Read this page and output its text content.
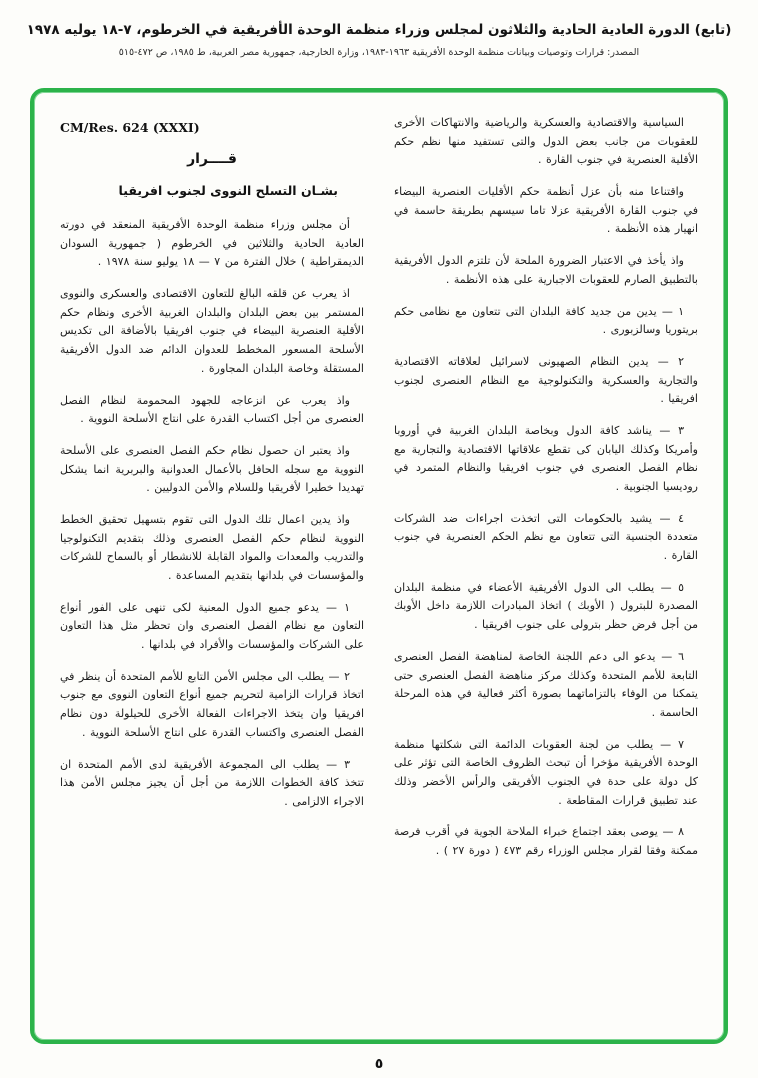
(تابع) الدورة العادية الحادية والثلاثون لمجلس وزراء منظمة الوحدة الأفريقية في الخرطوم، ٧-١٨ يوليه ١٩٧٨
المصدر: قرارات وتوصيات وبيانات منظمة الوحدة الأفريقية ١٩٦٣-١٩٨٣، وزارة الخارجية، جمهورية مصر العربية، ط ١٩٨٥، ص ٤٧٢-٥١٥

السياسية والاقتصادية والعسكرية والرياضية والانتهاكات الأخرى للعقوبات من جانب بعض الدول والتى تستفيد منها نظم حكم الأقلية العنصرية في جنوب القارة .

واقتناعا منه بأن عزل أنظمة حكم الأقليات العنصرية البيضاء في جنوب القارة الأفريقية عزلا تاما سيسهم بطريقة حاسمة في انهيار هذه الأنظمة .

واذ يأخذ في الاعتبار الضرورة الملحة لأن تلتزم الدول الأفريقية بالتطبيق الصارم للعقوبات الاجبارية على هذه الأنظمة .

١ — يدين من جديد كافة البلدان التى تتعاون مع نظامى حكم بريتوريا وسالزبورى .

٢ — يدين النظام الصهيونى لاسرائيل لعلاقاته الاقتصادية والتجارية والعسكرية والتكنولوجية مع النظام العنصرى لجنوب افريقيا .

٣ — يناشد كافة الدول وبخاصة البلدان الغربية في أوروبا وأمريكا وكذلك اليابان كى تقطع علاقاتها الاقتصادية والتجارية مع نظام الفصل العنصرى في جنوب افريقيا والنظام المتمرد في روديسيا الجنوبية .

٤ — يشيد بالحكومات التى اتخذت اجراءات ضد الشركات متعددة الجنسية التى تتعاون مع نظم الحكم العنصرية في جنوب القارة .

٥ — يطلب الى الدول الأفريقية الأعضاء في منظمة البلدان المصدرة للبترول ( الأوبك ) اتخاذ المبادرات اللازمة داخل الأوبك من أجل فرض حظر بترولى على جنوب افريقيا .

٦ — يدعو الى دعم اللجنة الخاصة لمناهضة الفصل العنصرى التابعة للأمم المتحدة وكذلك مركز مناهضة الفصل العنصرى حتى يتمكنا من الوفاء بالتزاماتهما بصورة أكثر فعالية في هذه المرحلة الحاسمة .

٧ — يطلب من لجنة العقوبات الدائمة التى شكلتها منظمة الوحدة الأفريقية مؤخرا أن تبحث الظروف الخاصة التى تؤثر على كل دولة على حدة في الجنوب الأفريقى والرأس الأخضر وذلك عند تطبيق قرارات المقاطعة .

٨ — يوصى بعقد اجتماع خبراء الملاحة الجوية في أقرب فرصة ممكنة وفقا لقرار مجلس الوزراء رقم ٤٧٣ ( دورة ٢٧ ) .

CM/Res. 624 (XXXI)
قــــرار
بشـان التسلح النووى لجنوب افريقيا

أن مجلس وزراء منظمة الوحدة الأفريقية المنعقد في دورته العادية الحادية والثلاثين في الخرطوم ( جمهورية السودان الديمقراطية ) خلال الفترة من ٧ — ١٨ يوليو سنة ١٩٧٨ .

اذ يعرب عن قلقه البالغ للتعاون الاقتصادى والعسكرى والنووى المستمر بين بعض البلدان والبلدان الغربية الأخرى ونظام حكم الأقلية العنصرية البيضاء في جنوب افريقيا بالأضافة الى تكديس الأسلحة المسعور المخطط للعدوان الدائم ضد الدول الأفريقية المستقلة وخاصة البلدان المجاورة .

واذ يعرب عن انزعاجه للجهود المحمومة لنظام الفصل العنصرى من أجل اكتساب القدرة على انتاج الأسلحة النووية .

واذ يعتبر ان حصول نظام حكم الفصل العنصرى على الأسلحة النووية مع سجله الحافل بالأعمال العدوانية والبربرية انما يشكل تهديدا خطيرا لأفريقيا وللسلام والأمن الدوليين .

واذ يدين اعمال تلك الدول التى تقوم بتسهيل تحقيق الخطط النووية لنظام حكم الفصل العنصرى وذلك بتقديم التكنولوجيا والتدريب والمعدات والمواد القابلة للانشطار أو بالسماح للشركات والمؤسسات في بلدانها بتقديم المساعدة .

١ — يدعو جميع الدول المعنية لكى تنهى على الفور أنواع التعاون مع نظام الفصل العنصرى وان تحظر مثل هذا التعاون على الشركات والمؤسسات والأفراد في بلدانها .

٢ — يطلب الى مجلس الأمن التابع للأمم المتحدة أن ينظر في اتخاذ قرارات الزامية لتحريم جميع أنواع التعاون النووى مع جنوب افريقيا وان يتخذ الاجراءات الفعالة الأخرى للحيلولة دون نظام الفصل العنصرى واكتساب القدرة على انتاج الأسلحة النووية .

٣ — يطلب الى المجموعة الأفريقية لدى الأمم المتحدة ان تتخذ كافة الخطوات اللازمة من أجل أن يجيز مجلس الأمن هذا الاجراء الالزامى .

٥
